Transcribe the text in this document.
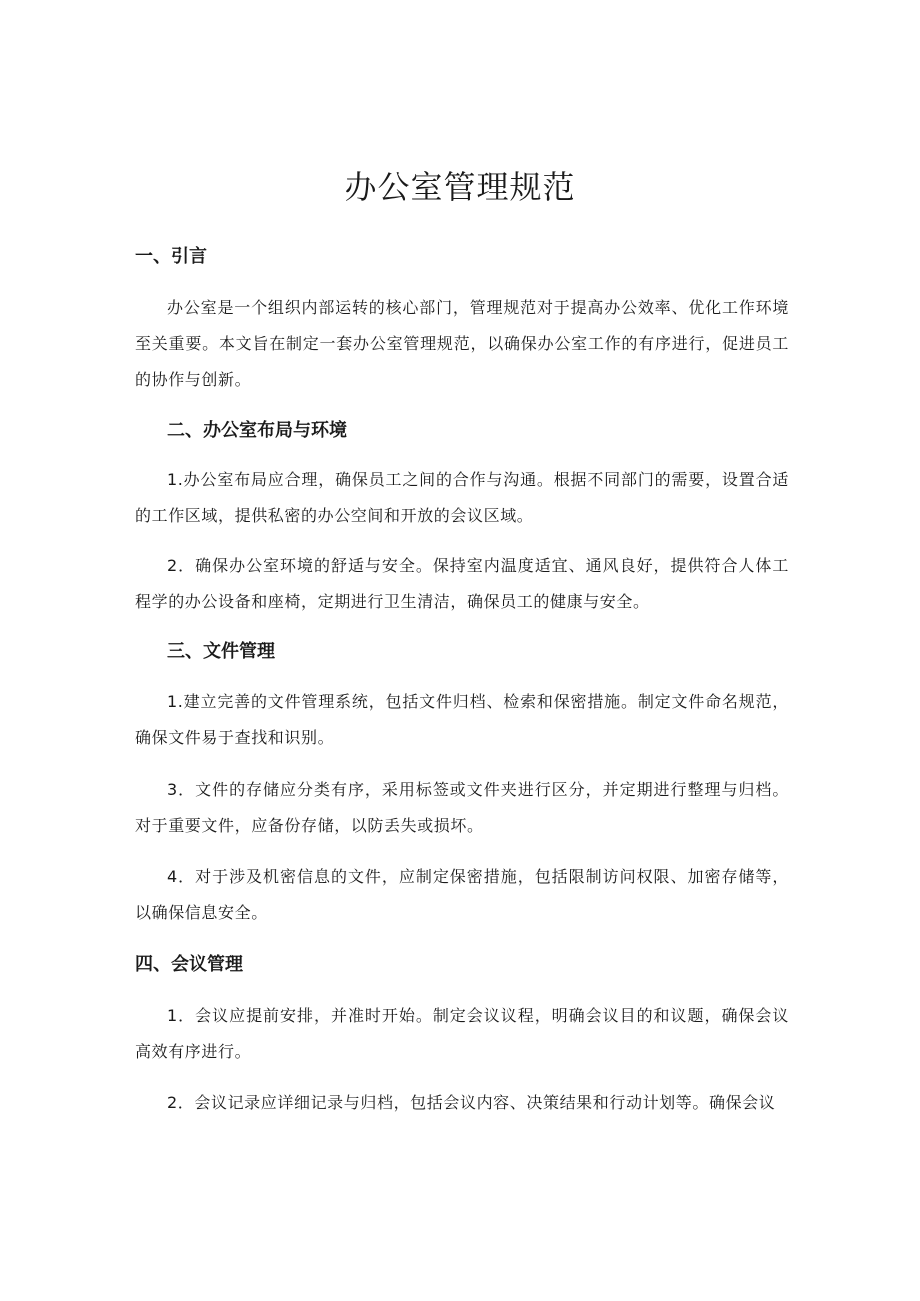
办公室管理规范
一、引言

办公室是一个组织内部运转的核心部门，管理规范对于提高办公效率、优化工作环境至关重要。本文旨在制定一套办公室管理规范，以确保办公室工作的有序进行，促进员工的协作与创新。

二、办公室布局与环境

1.办公室布局应合理，确保员工之间的合作与沟通。根据不同部门的需要，设置合适的工作区域，提供私密的办公空间和开放的会议区域。

2．确保办公室环境的舒适与安全。保持室内温度适宜、通风良好，提供符合人体工程学的办公设备和座椅，定期进行卫生清洁，确保员工的健康与安全。

三、文件管理

1.建立完善的文件管理系统，包括文件归档、检索和保密措施。制定文件命名规范，确保文件易于查找和识别。

3．文件的存储应分类有序，采用标签或文件夹进行区分，并定期进行整理与归档。对于重要文件，应备份存储，以防丢失或损坏。

4．对于涉及机密信息的文件，应制定保密措施，包括限制访问权限、加密存储等，以确保信息安全。

四、会议管理

1．会议应提前安排，并准时开始。制定会议议程，明确会议目的和议题，确保会议高效有序进行。

2．会议记录应详细记录与归档，包括会议内容、决策结果和行动计划等。确保会议
